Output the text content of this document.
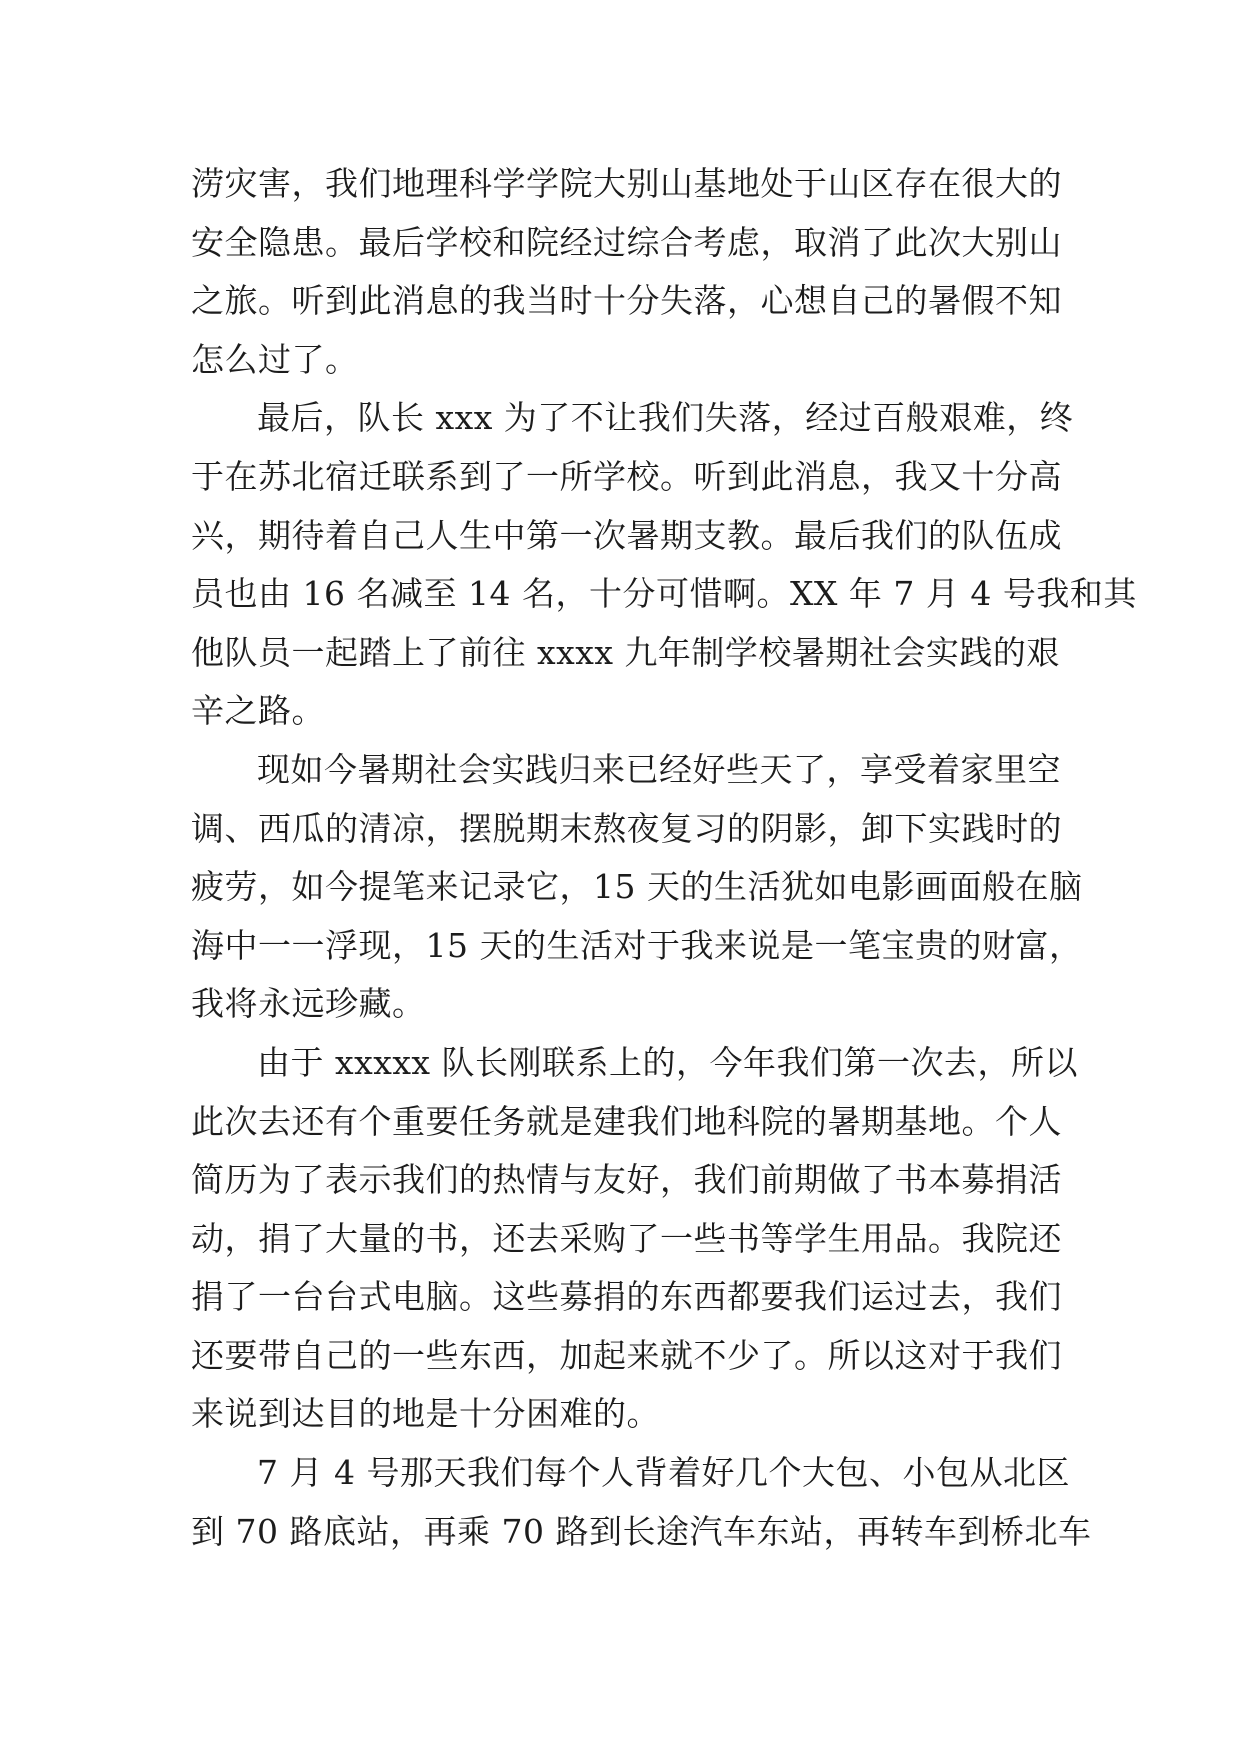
涝灾害，我们地理科学学院大别山基地处于山区存在很大的
安全隐患。最后学校和院经过综合考虑，取消了此次大别山
之旅。听到此消息的我当时十分失落，心想自己的暑假不知
怎么过了。
最后，队长 xxx 为了不让我们失落，经过百般艰难，终
于在苏北宿迁联系到了一所学校。听到此消息，我又十分高
兴，期待着自己人生中第一次暑期支教。最后我们的队伍成
员也由 16 名减至 14 名，十分可惜啊。XX 年 7 月 4 号我和其
他队员一起踏上了前往 xxxx 九年制学校暑期社会实践的艰
辛之路。
现如今暑期社会实践归来已经好些天了，享受着家里空
调、西瓜的清凉，摆脱期末熬夜复习的阴影，卸下实践时的
疲劳，如今提笔来记录它，15 天的生活犹如电影画面般在脑
海中一一浮现，15 天的生活对于我来说是一笔宝贵的财富，
我将永远珍藏。
由于 xxxxx 队长刚联系上的，今年我们第一次去，所以
此次去还有个重要任务就是建我们地科院的暑期基地。个人
简历为了表示我们的热情与友好，我们前期做了书本募捐活
动，捐了大量的书，还去采购了一些书等学生用品。我院还
捐了一台台式电脑。这些募捐的东西都要我们运过去，我们
还要带自己的一些东西，加起来就不少了。所以这对于我们
来说到达目的地是十分困难的。
7 月 4 号那天我们每个人背着好几个大包、小包从北区
到 70 路底站，再乘 70 路到长途汽车东站，再转车到桥北车
